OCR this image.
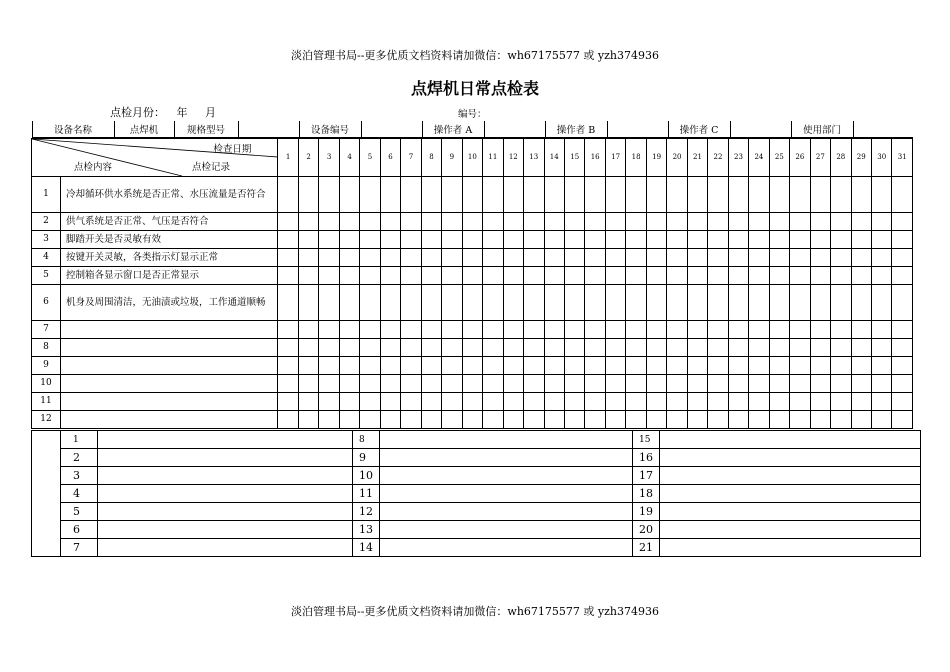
淡泊管理书局--更多优质文档资料请加微信：wh67175577 或 yzh374936
点焊机日常点检表
点检月份： 年 月	编号：
设备名称	点焊机	规格型号		设备编号		操作者 A		操作者 B		操作者 C		使用部门	

检查日期
点检记录
点检内容
	1	2	3	4	5	6	7	8	9	10	11	12	13	14	15	16	17	18	19	20	21	22	23	24	25	26	27	28	29	30	31
1	冷却循环供水系统是否正常、水压流量是否符合																															
2	供气系统是否正常、气压是否符合																															
3	脚踏开关是否灵敏有效																															
4	按键开关灵敏，各类指示灯显示正常																															
5	控制箱各显示窗口是否正常显示																															
6	机身及周围清洁，无油渍或垃圾，工作通道顺畅																															
7																																
8																																
9																																
10																																
11																																
12																																
	1		8		15	
	2		9		16	
	3		10		17	
	4		11		18	
	5		12		19	
	6		13		20	
	7		14		21	
淡泊管理书局--更多优质文档资料请加微信：wh67175577 或 yzh374936
